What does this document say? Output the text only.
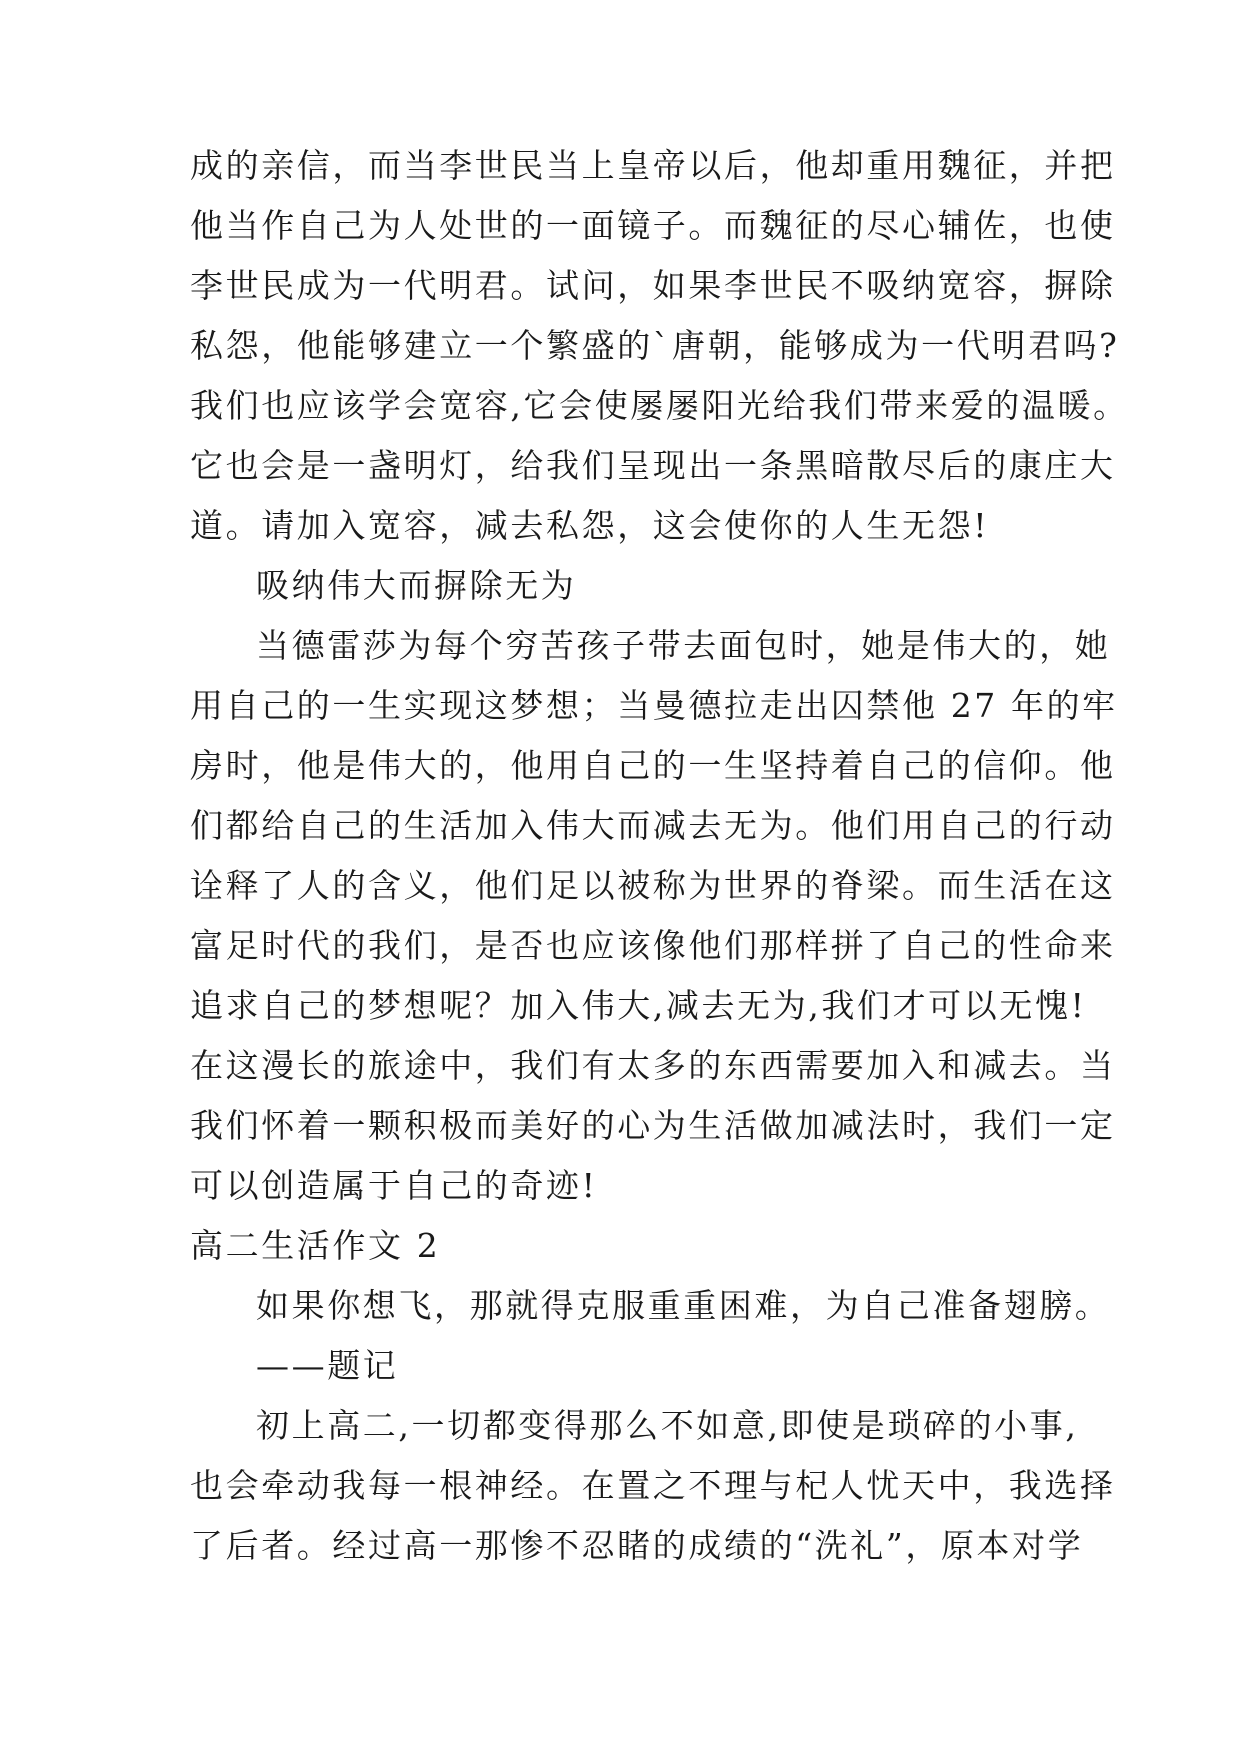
成的亲信，而当李世民当上皇帝以后，他却重用魏征，并把
他当作自己为人处世的一面镜子。而魏征的尽心辅佐，也使
李世民成为一代明君。试问，如果李世民不吸纳宽容，摒除
私怨，他能够建立一个繁盛的`唐朝，能够成为一代明君吗?
我们也应该学会宽容,它会使屡屡阳光给我们带来爱的温暖。
它也会是一盏明灯，给我们呈现出一条黑暗散尽后的康庄大
道。请加入宽容，减去私怨，这会使你的人生无怨!
吸纳伟大而摒除无为
当德雷莎为每个穷苦孩子带去面包时，她是伟大的，她
用自己的一生实现这梦想；当曼德拉走出囚禁他 27 年的牢
房时，他是伟大的，他用自己的一生坚持着自己的信仰。他
们都给自己的生活加入伟大而减去无为。他们用自己的行动
诠释了人的含义，他们足以被称为世界的脊梁。而生活在这
富足时代的我们，是否也应该像他们那样拼了自己的性命来
追求自己的梦想呢？加入伟大,减去无为,我们才可以无愧!
在这漫长的旅途中，我们有太多的东西需要加入和减去。当
我们怀着一颗积极而美好的心为生活做加减法时，我们一定
可以创造属于自己的奇迹!
高二生活作文 2
如果你想飞，那就得克服重重困难，为自己准备翅膀。
——题记
初上高二,一切都变得那么不如意,即使是琐碎的小事,
也会牵动我每一根神经。在置之不理与杞人忧天中，我选择
了后者。经过高一那惨不忍睹的成绩的“洗礼”，原本对学
